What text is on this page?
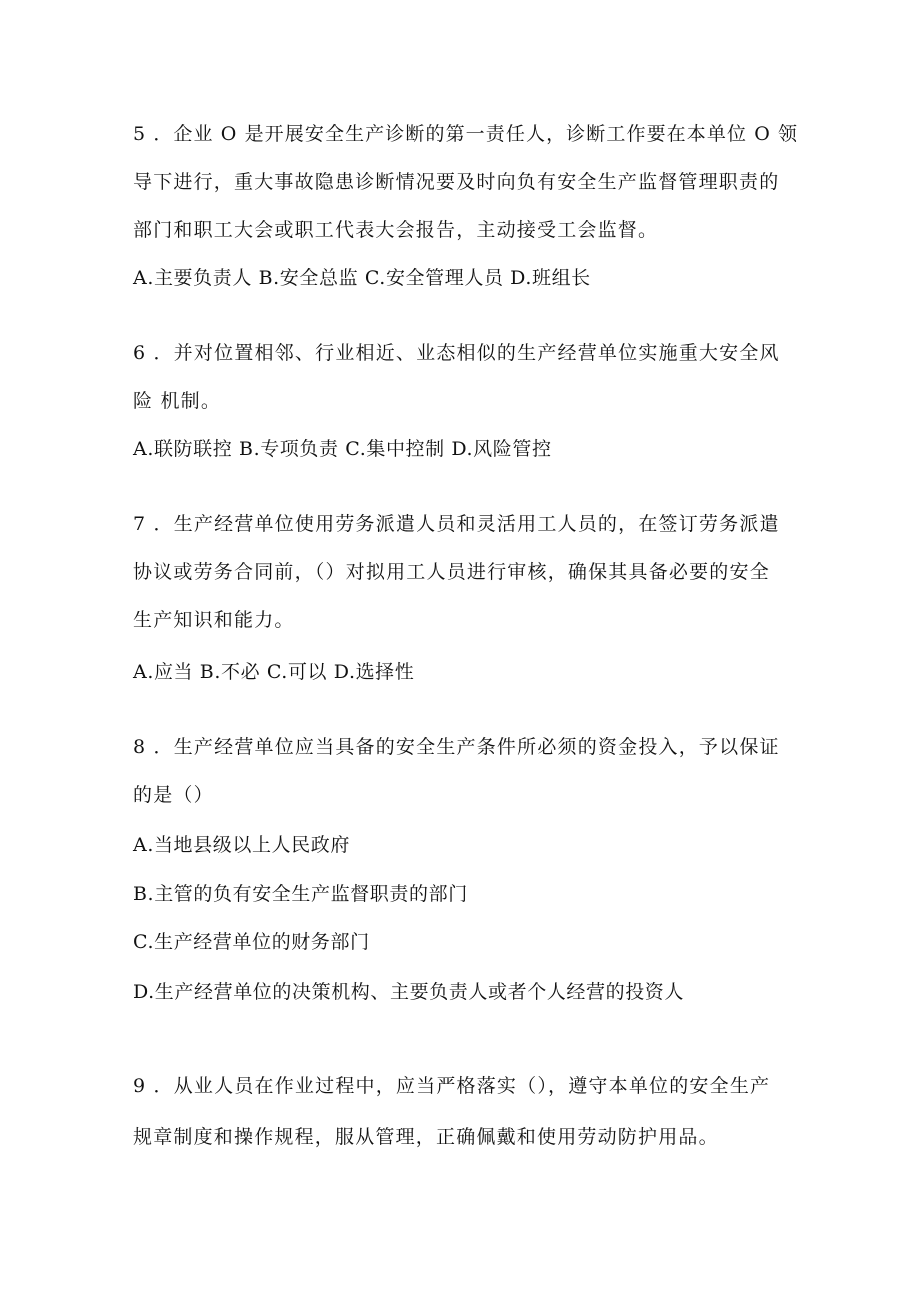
5 ．企业 O 是开展安全生产诊断的第一责任人，诊断工作要在本单位 O 领
导下进行，重大事故隐患诊断情况要及时向负有安全生产监督管理职责的
部门和职工大会或职工代表大会报告，主动接受工会监督。
A.主要负责人 B.安全总监 C.安全管理人员 D.班组长
6 ．并对位置相邻、行业相近、业态相似的生产经营单位实施重大安全风
险 机制。
A.联防联控 B.专项负责 C.集中控制 D.风险管控
7 ．生产经营单位使用劳务派遣人员和灵活用工人员的，在签订劳务派遣
协议或劳务合同前，（）对拟用工人员进行审核，确保其具备必要的安全
生产知识和能力。
A.应当 B.不必 C.可以 D.选择性
8 ．生产经营单位应当具备的安全生产条件所必须的资金投入，予以保证
的是（）
A.当地县级以上人民政府
B.主管的负有安全生产监督职责的部门
C.生产经营单位的财务部门
D.生产经营单位的决策机构、主要负责人或者个人经营的投资人
9 ．从业人员在作业过程中，应当严格落实（），遵守本单位的安全生产
规章制度和操作规程，服从管理，正确佩戴和使用劳动防护用品。
